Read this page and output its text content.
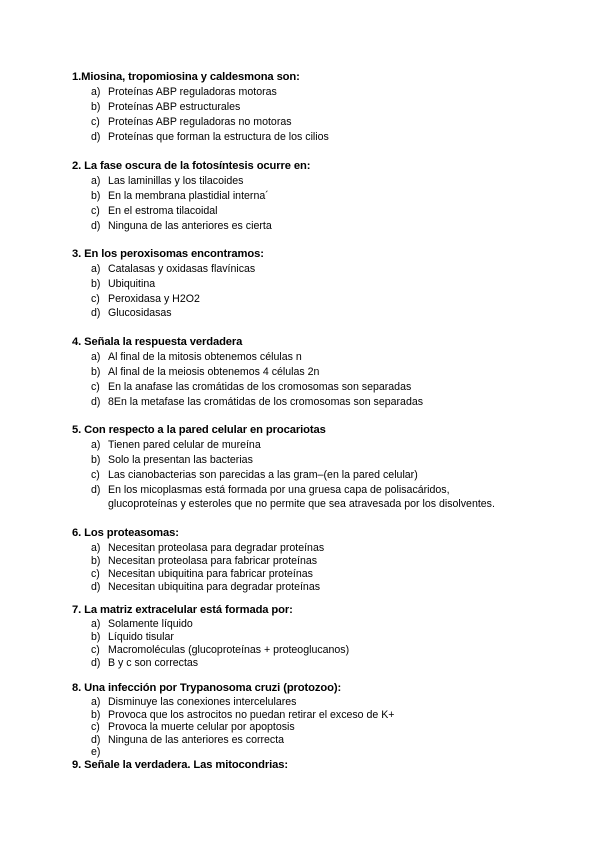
1.Miosina, tropomiosina y caldesmona son:
a) Proteínas ABP reguladoras motoras
b) Proteínas ABP estructurales
c) Proteínas ABP reguladoras no motoras
d) Proteínas que forman la estructura de los cilios
2. La fase oscura de la fotosíntesis ocurre en:
a) Las laminillas y los tilacoides
b) En la membrana plastidial interna´
c) En el estroma tilacoidal
d) Ninguna de las anteriores es cierta
3. En los peroxisomas encontramos:
a) Catalasas y oxidasas flavínicas
b) Ubiquitina
c) Peroxidasa y H2O2
d) Glucosidasas
4. Señala la respuesta verdadera
a) Al final de la mitosis obtenemos células n
b) Al final de la meiosis obtenemos 4 células 2n
c) En la anafase las cromátidas de los cromosomas son separadas
d) 8En la metafase las cromátidas de los cromosomas son separadas
5. Con respecto a la pared celular en procariotas
a) Tienen pared celular de mureína
b) Solo la presentan las bacterias
c) Las cianobacterias son parecidas a las gram–(en la pared celular)
d) En los micoplasmas está formada por una gruesa capa de polisacáridos,
glucoproteínas y esteroles que no permite que sea atravesada por los disolventes.
6. Los proteasomas:
a) Necesitan proteolasa para degradar proteínas
b) Necesitan proteolasa para fabricar proteínas
c) Necesitan ubiquitina para fabricar proteínas
d) Necesitan ubiquitina para degradar proteínas
7. La matriz extracelular está formada por:
a) Solamente líquido
b) Líquido tisular
c) Macromoléculas (glucoproteínas + proteoglucanos)
d) B y c son correctas
8. Una infección por Trypanosoma cruzi (protozoo):
a) Disminuye las conexiones intercelulares
b) Provoca que los astrocitos no puedan retirar el exceso de K+
c) Provoca la muerte celular por apoptosis
d) Ninguna de las anteriores es correcta
e)
9. Señale la verdadera. Las mitocondrias:
